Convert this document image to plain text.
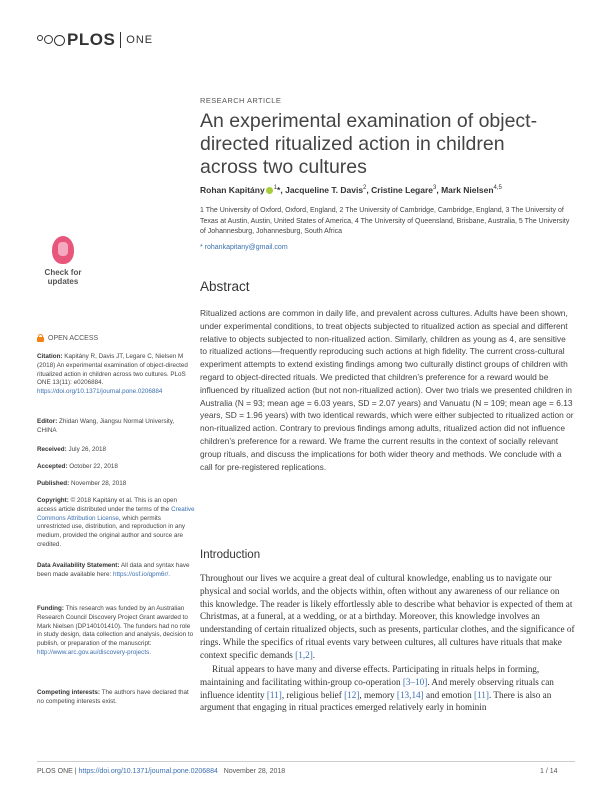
PLOS ONE
RESEARCH ARTICLE
An experimental examination of object-directed ritualized action in children across two cultures
Rohan Kapitány $^1$*, Jacqueline T. Davis$^2$, Cristine Legare$^3$, Mark Nielsen$^{4,5}$
1 The University of Oxford, Oxford, England, 2 The University of Cambridge, Cambridge, England, 3 The University of Texas at Austin, Austin, United States of America, 4 The University of Queensland, Brisbane, Australia, 5 The University of Johannesburg, Johannesburg, South Africa
* rohankapitany@gmail.com
Check for
updates
OPEN ACCESS
Citation: Kapitány R, Davis JT, Legare C, Nielsen M (2018) An experimental examination of object-directed ritualized action in children across two cultures. PLoS ONE 13(11): e0206884. https://doi.org/10.1371/journal.pone.0206884
Editor: Zhidan Wang, Jiangsu Normal University, CHINA
Received: July 26, 2018
Accepted: October 22, 2018
Published: November 28, 2018
Copyright: © 2018 Kapitány et al. This is an open access article distributed under the terms of the Creative Commons Attribution License, which permits unrestricted use, distribution, and reproduction in any medium, provided the original author and source are credited.
Data Availability Statement: All data and syntax have been made available here: https://osf.io/qpm6r/.
Funding: This research was funded by an Australian Research Council Discovery Project Grant awarded to Mark Nielsen (DP140101410). The funders had no role in study design, data collection and analysis, decision to publish, or preparation of the manuscript: http://www.arc.gov.au/discovery-projects.
Competing interests: The authors have declared that no competing interests exist.
Abstract
Ritualized actions are common in daily life, and prevalent across cultures. Adults have been shown, under experimental conditions, to treat objects subjected to ritualized action as special and different relative to objects subjected to non-ritualized action. Similarly, children as young as 4, are sensitive to ritualized actions—frequently reproducing such actions at high fidelity. The current cross-cultural experiment attempts to extend existing findings among two culturally distinct groups of children with regard to object-directed rituals. We predicted that children’s preference for a reward would be influenced by ritualized action (but not non-ritualized action). Over two trials we presented children in Australia (N = 93; mean age = 6.03 years, SD = 2.07 years) and Vanuatu (N = 109; mean age = 6.13 years, SD = 1.96 years) with two identical rewards, which were either subjected to ritualized action or non-ritualized action. Contrary to previous findings among adults, ritualized action did not influence children’s preference for a reward. We frame the current results in the context of socially relevant group rituals, and discuss the implications for both wider theory and methods. We conclude with a call for pre-registered replications.
Introduction

Throughout our lives we acquire a great deal of cultural knowledge, enabling us to navigate our physical and social worlds, and the objects within, often without any awareness of our reliance on this knowledge. The reader is likely effortlessly able to describe what behavior is expected of them at Christmas, at a funeral, at a wedding, or at a birthday. Moreover, this knowledge involves an understanding of certain ritualized objects, such as presents, particular clothes, and the significance of rings. While the specifics of ritual events vary between cultures, all cultures have rituals that make context specific demands [1,2].

Ritual appears to have many and diverse effects. Participating in rituals helps in forming, maintaining and facilitating within-group co-operation [3–10]. And merely observing rituals can influence identity [11], religious belief [12], memory [13,14] and emotion [11]. There is also an argument that engaging in ritual practices emerged relatively early in hominin

PLOS ONE | https://doi.org/10.1371/journal.pone.0206884 November 28, 2018	1 / 14
